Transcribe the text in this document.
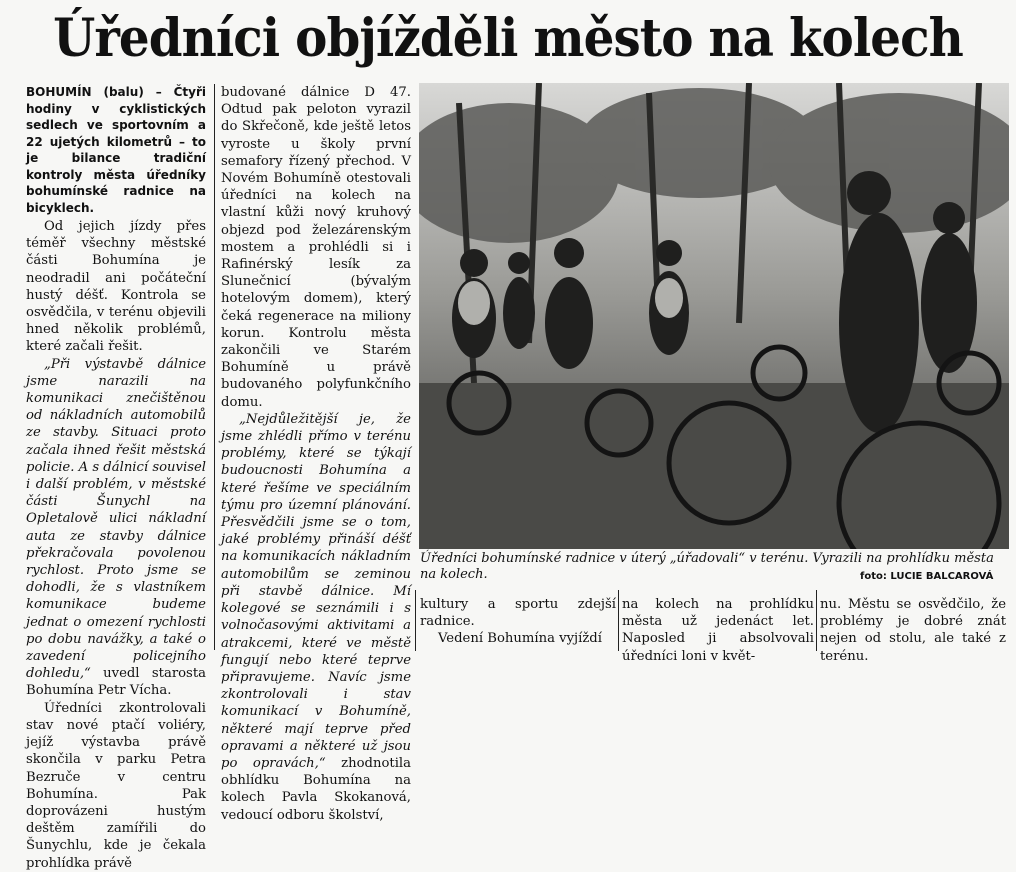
Úředníci objížděli město na kolech

BOHUMÍN (balu) – Čtyři hodiny v cyklistických sedlech ve sportovním a 22 ujetých kilometrů – to je bilance tradiční kontroly města úředníky bohumínské radnice na bicyklech.

Od jejich jízdy přes téměř všechny městské části Bohumína je neodradil ani počáteční hustý déšť. Kontrola se osvědčila, v terénu objevili hned několik problémů, které začali řešit.

„Při výstavbě dálnice jsme narazili na komunikaci znečištěnou od nákladních automobilů ze stavby. Situaci proto začala ihned řešit městská policie. A s dálnicí souvisel i další problém, v městské části Šunychl na Opletalově ulici nákladní auta ze stavby dálnice překračovala povolenou rychlost. Proto jsme se dohodli, že s vlastníkem komunikace budeme jednat o omezení rychlosti po dobu navážky, a také o zavedení policejního dohledu,“ uvedl starosta Bohumína Petr Vícha.

Úředníci zkontrolovali stav nové ptačí voliéry, jejíž výstavba právě skončila v parku Petra Bezruče v centru Bohumína. Pak doprovázeni hustým deštěm zamířili do Šunychlu, kde je čekala prohlídka právě

budované dálnice D 47. Odtud pak peloton vyrazil do Skřečoně, kde ještě letos vyroste u školy první semafory řízený přechod. V Novém Bohumíně otestovali úředníci na kolech na vlastní kůži nový kruhový objezd pod železárenským mostem a prohlédli si i Rafinérský lesík za Slunečnicí (bývalým hotelovým domem), který čeká regenerace na miliony korun. Kontrolu města zakončili ve Starém Bohumíně u právě budovaného polyfunkčního domu.

„Nejdůležitější je, že jsme zhlédli přímo v terénu problémy, které se týkají budoucnosti Bohumína a které řešíme ve speciálním týmu pro územní plánování. Přesvědčili jsme se o tom, jaké problémy přináší déšť na komunikacích nákladním automobilům se zeminou při stavbě dálnice. Mí kolegové se seznámili i s volnočasovými aktivitami a atrakcemi, které ve městě fungují nebo které teprve připravujeme. Navíc jsme zkontrolovali i stav komunikací v Bohumíně, některé mají teprve před opravami a některé už jsou po opravách,“ zhodnotila obhlídku Bohumína na kolech Pavla Skokanová, vedoucí odboru školství,

Úředníci bohumínské radnice v úterý „úřadovali“ v terénu. Vyrazili na prohlídku města na kolech.	foto: LUCIE BALCAROVÁ

kultury a sportu zdejší radnice.

Vedení Bohumína vyjíždí

na kolech na prohlídku města už jedenáct let. Naposled ji absolvovali úředníci loni v květ-

nu. Městu se osvědčilo, že problémy je dobré znát nejen od stolu, ale také z terénu.
